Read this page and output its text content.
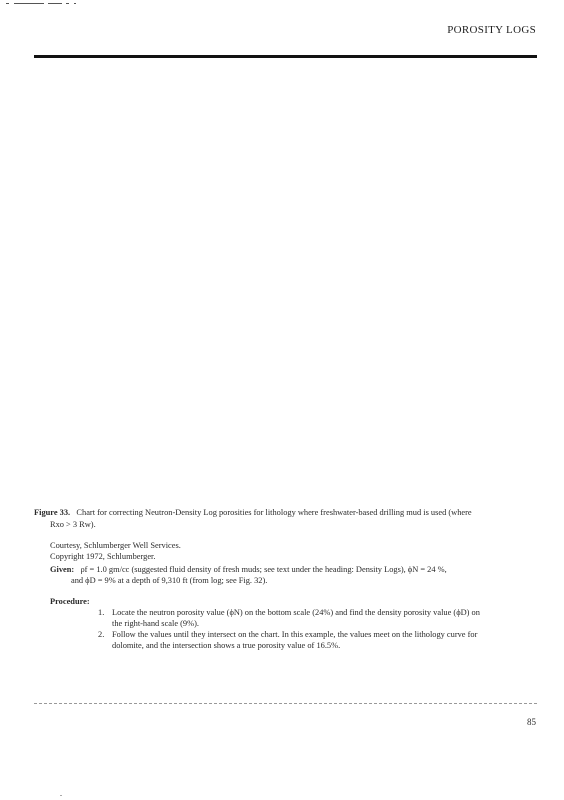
POROSITY LOGS
Figure 33. Chart for correcting Neutron-Density Log porosities for lithology where freshwater-based drilling mud is used (where
Rxo > 3 Rw).
Courtesy, Schlumberger Well Services.
Copyright 1972, Schlumberger.
Given: ρf = 1.0 gm/cc (suggested fluid density of fresh muds; see text under the heading: Density Logs), ϕN = 24 %,
and ϕD = 9% at a depth of 9,310 ft (from log; see Fig. 32).
Procedure:
1. Locate the neutron porosity value (ϕN) on the bottom scale (24%) and find the density porosity value (ϕD) on
the right-hand scale (9%).
2. Follow the values until they intersect on the chart. In this example, the values meet on the lithology curve for
dolomite, and the intersection shows a true porosity value of 16.5%.
85
